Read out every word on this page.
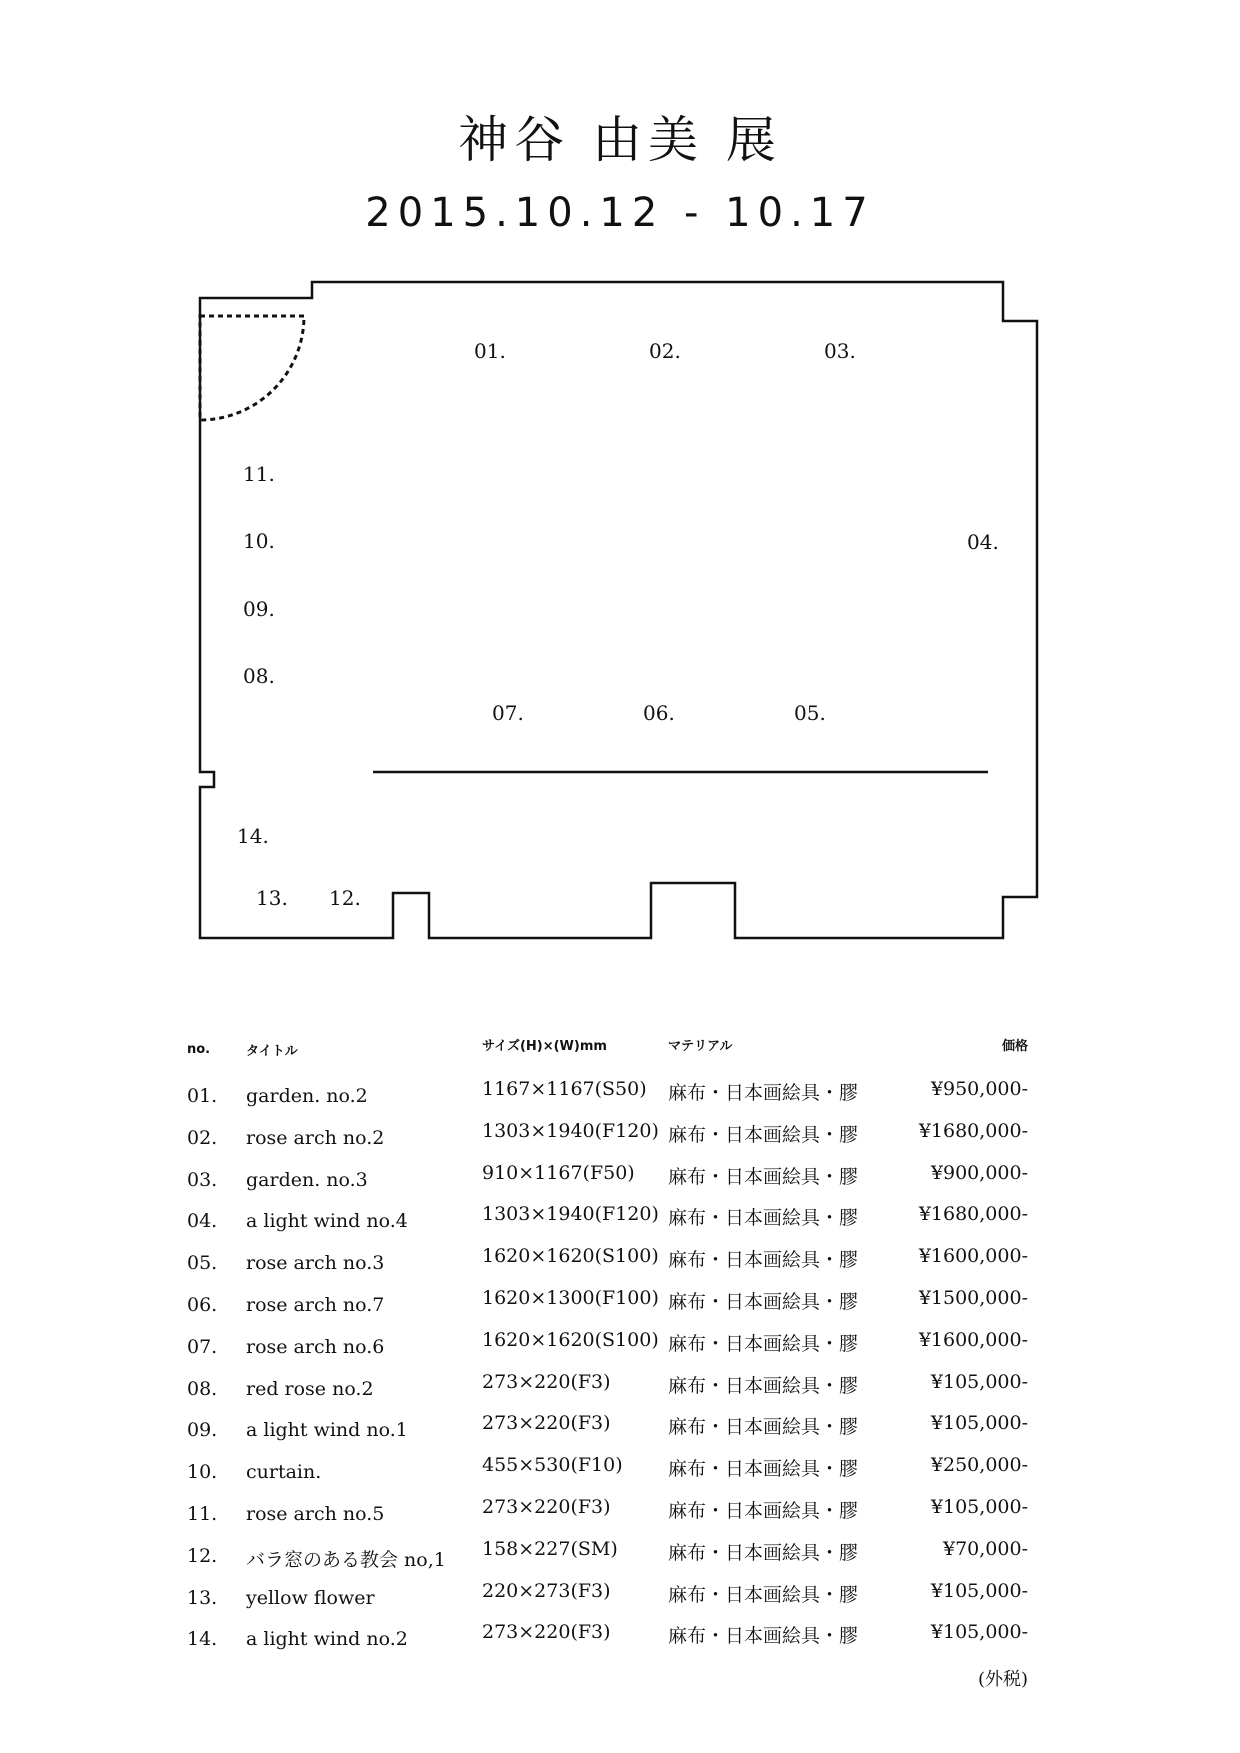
神谷 由美 展
2015.10.12 - 10.17
01.	02.	03.
04.
05.
06.
07.
08.
09.
10.
11.
12.
13.
14.
no.	タイトル	サイズ(H)×(W)mm	マテリアル	価格
01. garden. no.2	1167×1167(S50) 麻布・日本画絵具・膠	¥950,000-
02. rose arch no.2	1303×1940(F120) 麻布・日本画絵具・膠	¥1680,000-
03. garden. no.3	910×1167(F50) 麻布・日本画絵具・膠	¥900,000-
04. a light wind no.4	1303×1940(F120) 麻布・日本画絵具・膠	¥1680,000-
05. rose arch no.3	1620×1620(S100) 麻布・日本画絵具・膠	¥1600,000-
06. rose arch no.7	1620×1300(F100) 麻布・日本画絵具・膠	¥1500,000-
07. rose arch no.6	1620×1620(S100) 麻布・日本画絵具・膠	¥1600,000-
08. red rose no.2	273×220(F3)	麻布・日本画絵具・膠	¥105,000-
09. a light wind no.1	273×220(F3)	麻布・日本画絵具・膠	¥105,000-
10. curtain.	455×530(F10) 麻布・日本画絵具・膠	¥250,000-
11. rose arch no.5	273×220(F3)	麻布・日本画絵具・膠	¥105,000-
12. バラ窓のある教会 no,1 158×227(SM)	麻布・日本画絵具・膠	¥70,000-
13. yellow flower	220×273(F3)	麻布・日本画絵具・膠	¥105,000-
14. a light wind no.2	273×220(F3)	麻布・日本画絵具・膠	¥105,000-
(外税)
